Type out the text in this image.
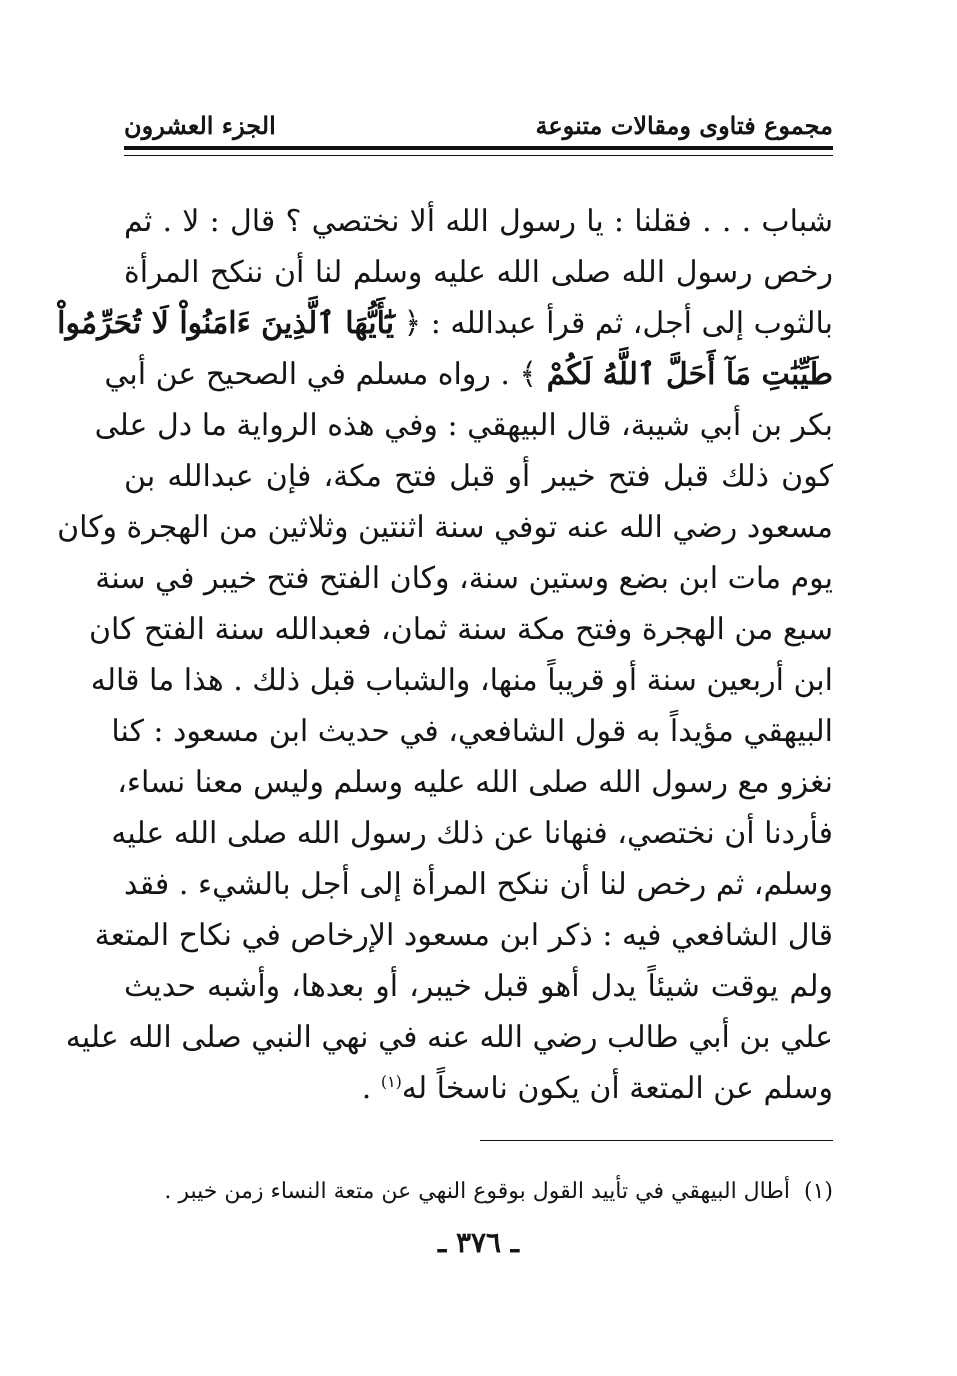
مجموع فتاوى ومقالات متنوعة
الجزء العشرون
شباب . . . فقلنا : يا رسول الله ألا نختصي ؟ قال : لا . ثم
رخص رسول الله صلى الله عليه وسلم لنا أن ننكح المرأة
بالثوب إلى أجل، ثم قرأ عبدالله : ﴿ يَٰٓأَيُّهَا ٱلَّذِينَ ءَامَنُواْ لَا تُحَرِّمُواْ
طَيِّبَٰتِ مَآ أَحَلَّ ٱللَّهُ لَكُمْ ﴾ . رواه مسلم في الصحيح عن أبي
بكر بن أبي شيبة، قال البيهقي : وفي هذه الرواية ما دل على
كون ذلك قبل فتح خيبر أو قبل فتح مكة، فإن عبدالله بن
مسعود رضي الله عنه توفي سنة اثنتين وثلاثين من الهجرة وكان
يوم مات ابن بضع وستين سنة، وكان الفتح فتح خيبر في سنة
سبع من الهجرة وفتح مكة سنة ثمان، فعبدالله سنة الفتح كان
ابن أربعين سنة أو قريباً منها، والشباب قبل ذلك . هذا ما قاله
البيهقي مؤيداً به قول الشافعي، في حديث ابن مسعود : كنا
نغزو مع رسول الله صلى الله عليه وسلم وليس معنا نساء،
فأردنا أن نختصي، فنهانا عن ذلك رسول الله صلى الله عليه
وسلم، ثم رخص لنا أن ننكح المرأة إلى أجل بالشيء . فقد
قال الشافعي فيه : ذكر ابن مسعود الإرخاص في نكاح المتعة
ولم يوقت شيئاً يدل أهو قبل خيبر، أو بعدها، وأشبه حديث
علي بن أبي طالب رضي الله عنه في نهي النبي صلى الله عليه
وسلم عن المتعة أن يكون ناسخاً له$^{(١)}$ .
(١)أطال البيهقي في تأييد القول بوقوع النهي عن متعة النساء زمن خيبر .
ـ ٣٧٦ ـ
